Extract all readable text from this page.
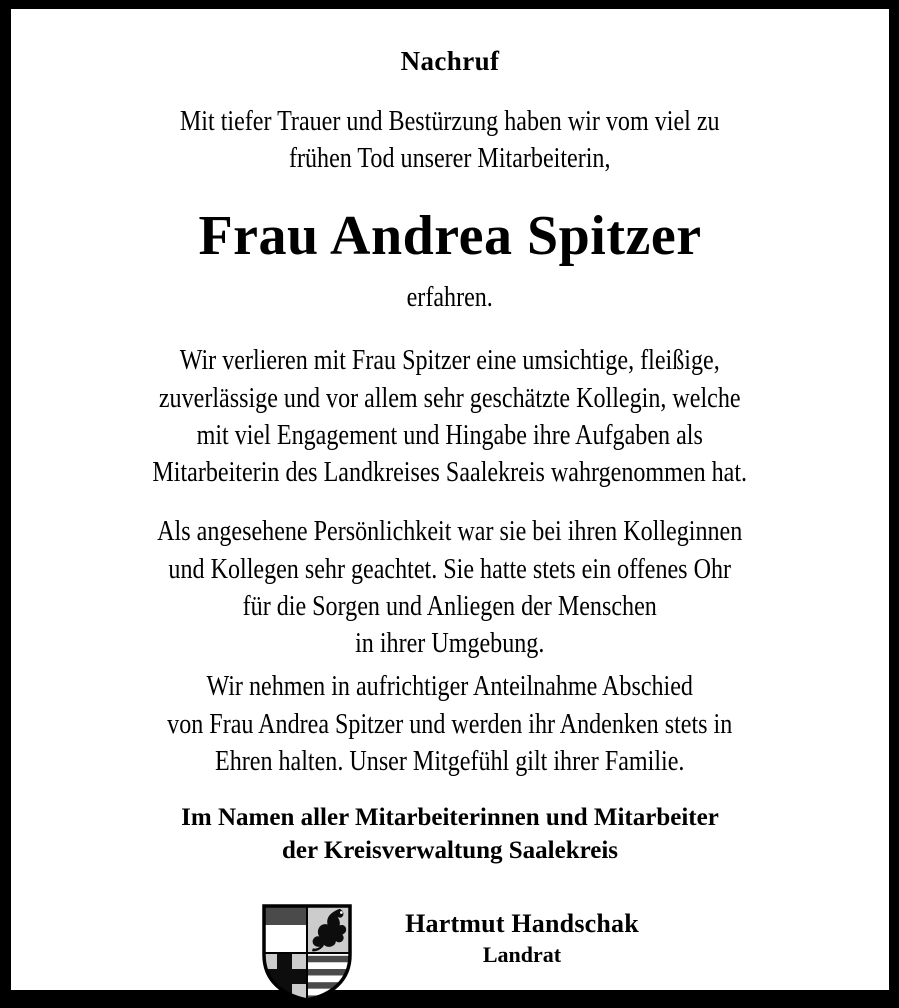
Nachruf

Mit tiefer Trauer und Bestürzung haben wir vom viel zu

frühen Tod unserer Mitarbeiterin,

Frau Andrea Spitzer

erfahren.

Wir verlieren mit Frau Spitzer eine umsichtige, fleißige,

zuverlässige und vor allem sehr geschätzte Kollegin, welche

mit viel Engagement und Hingabe ihre Aufgaben als

Mitarbeiterin des Landkreises Saalekreis wahrgenommen hat.

Als angesehene Persönlichkeit war sie bei ihren Kolleginnen

und Kollegen sehr geachtet. Sie hatte stets ein offenes Ohr

für die Sorgen und Anliegen der Menschen

in ihrer Umgebung.

Wir nehmen in aufrichtiger Anteilnahme Abschied

von Frau Andrea Spitzer und werden ihr Andenken stets in

Ehren halten. Unser Mitgefühl gilt ihrer Familie.

Im Namen aller Mitarbeiterinnen und Mitarbeiter

der Kreisverwaltung Saalekreis

Hartmut Handschak

Landrat
